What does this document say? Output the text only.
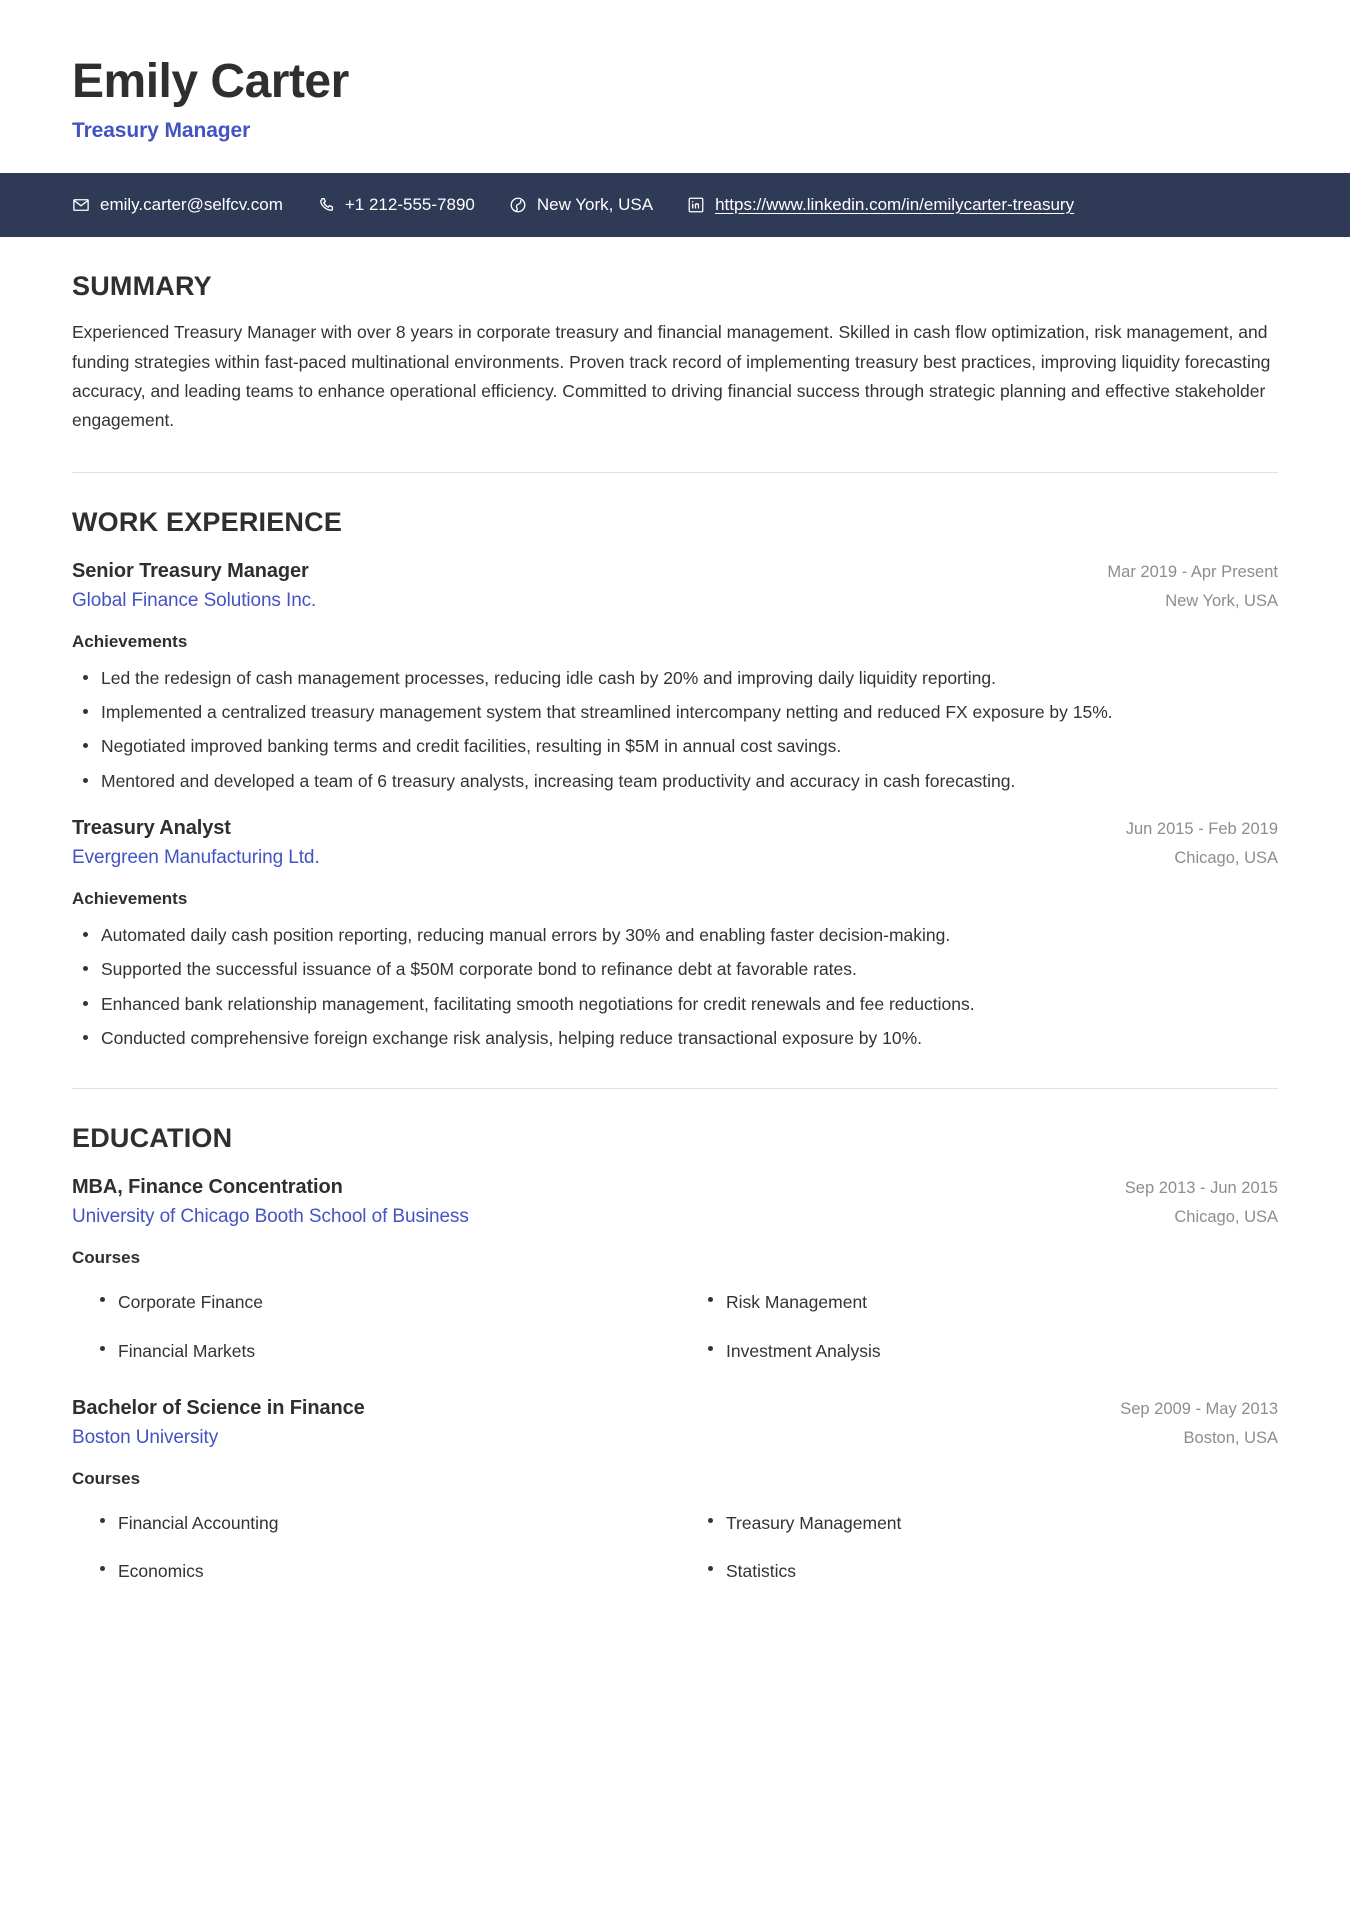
Emily Carter
Treasury Manager
emily.carter@selfcv.com	+1 212-555-7890	New York, USA	https://www.linkedin.com/in/emilycarter-treasury
SUMMARY
Experienced Treasury Manager with over 8 years in corporate treasury and financial management. Skilled in cash flow optimization, risk management, and funding strategies within fast-paced multinational environments. Proven track record of implementing treasury best practices, improving liquidity forecasting accuracy, and leading teams to enhance operational efficiency. Committed to driving financial success through strategic planning and effective stakeholder engagement.
WORK EXPERIENCE
Senior Treasury Manager	Mar 2019 - Apr Present
Global Finance Solutions Inc.	New York, USA
Achievements
Led the redesign of cash management processes, reducing idle cash by 20% and improving daily liquidity reporting.
Implemented a centralized treasury management system that streamlined intercompany netting and reduced FX exposure by 15%.
Negotiated improved banking terms and credit facilities, resulting in $5M in annual cost savings.
Mentored and developed a team of 6 treasury analysts, increasing team productivity and accuracy in cash forecasting.
Treasury Analyst	Jun 2015 - Feb 2019
Evergreen Manufacturing Ltd.	Chicago, USA
Achievements
Automated daily cash position reporting, reducing manual errors by 30% and enabling faster decision-making.
Supported the successful issuance of a $50M corporate bond to refinance debt at favorable rates.
Enhanced bank relationship management, facilitating smooth negotiations for credit renewals and fee reductions.
Conducted comprehensive foreign exchange risk analysis, helping reduce transactional exposure by 10%.
EDUCATION
MBA, Finance Concentration	Sep 2013 - Jun 2015
University of Chicago Booth School of Business	Chicago, USA
Courses
Corporate Finance	Risk Management
Financial Markets	Investment Analysis
Bachelor of Science in Finance	Sep 2009 - May 2013
Boston University	Boston, USA
Courses
Financial Accounting	Treasury Management
Economics	Statistics
